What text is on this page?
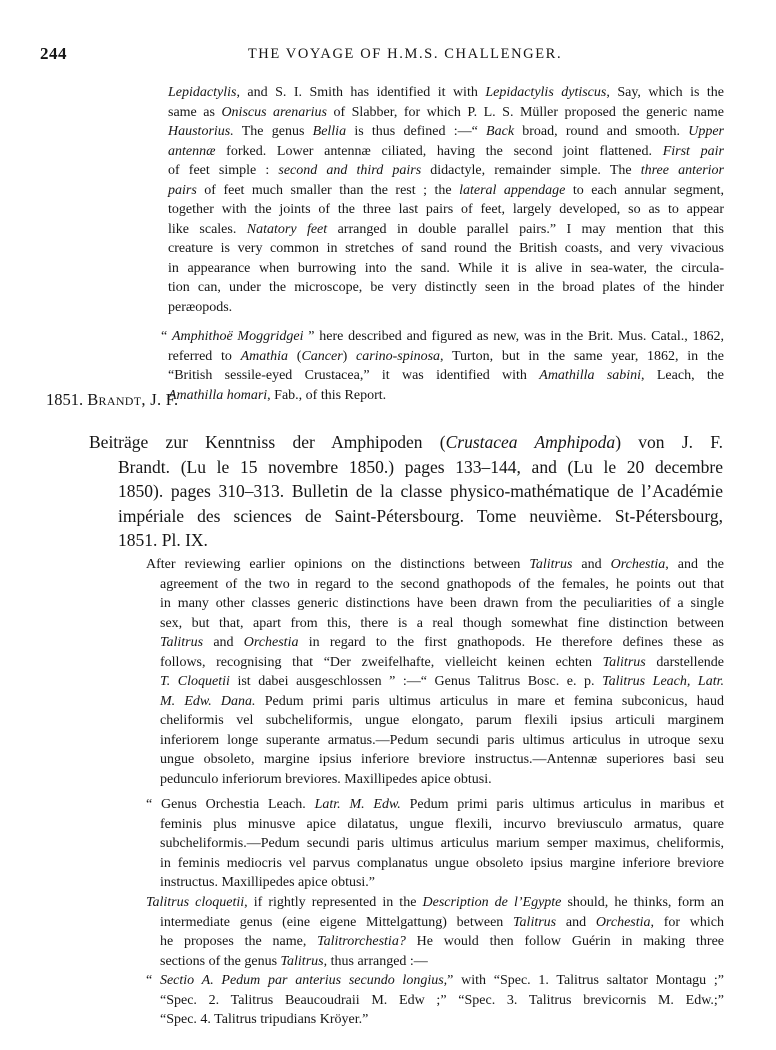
244	THE VOYAGE OF H.M.S. CHALLENGER.
Lepidactylis, and S. I. Smith has identified it with Lepidactylis dytiscus, Say, which is the
same as Oniscus arenarius of Slabber, for which P. L. S. Müller proposed the generic name
Haustorius. The genus Bellia is thus defined :—“ Back broad, round and smooth. Upper
antennæ forked. Lower antennæ ciliated, having the second joint flattened. First pair
of feet simple : second and third pairs didactyle, remainder simple. The three anterior
pairs of feet much smaller than the rest ; the lateral appendage to each annular segment,
together with the joints of the three last pairs of feet, largely developed, so as to appear
like scales. Natatory feet arranged in double parallel pairs.” I may mention that this
creature is very common in stretches of sand round the British coasts, and very vivacious
in appearance when burrowing into the sand. While it is alive in sea-water, the circula-
tion can, under the microscope, be very distinctly seen in the broad plates of the hinder
peræopods.
“ Amphithoë Moggridgei ” here described and figured as new, was in the Brit. Mus. Catal., 1862,
referred to Amathia (Cancer) carino-spinosa, Turton, but in the same year, 1862, in the
“British sessile-eyed Crustacea,” it was identified with Amathilla sabini, Leach, the
Amathilla homari, Fab., of this Report.
1851. Brandt, J. F.
Beiträge zur Kenntniss der Amphipoden (Crustacea Amphipoda) von J. F.
Brandt. (Lu le 15 novembre 1850.) pages 133–144, and (Lu le 20 decembre
1850). pages 310–313. Bulletin de la classe physico-mathématique de l’Académie
impériale des sciences de Saint-Pétersbourg. Tome neuvième. St-Pétersbourg,
1851. Pl. IX.
After reviewing earlier opinions on the distinctions between Talitrus and Orchestia, and the
agreement of the two in regard to the second gnathopods of the females, he points out that
in many other classes generic distinctions have been drawn from the peculiarities of a single
sex, but that, apart from this, there is a real though somewhat fine distinction between
Talitrus and Orchestia in regard to the first gnathopods. He therefore defines these as
follows, recognising that “Der zweifelhafte, vielleicht keinen echten Talitrus darstellende
T. Cloquetii ist dabei ausgeschlossen ” :—“ Genus Talitrus Bosc. e. p. Talitrus Leach, Latr.
M. Edw. Dana. Pedum primi paris ultimus articulus in mare et femina subconicus, haud
cheliformis vel subcheliformis, ungue elongato, parum flexili ipsius articuli marginem
inferiorem longe superante armatus.—Pedum secundi paris ultimus articulus in utroque sexu
ungue obsoleto, margine ipsius inferiore breviore instructus.—Antennæ superiores basi seu
pedunculo inferiorum breviores. Maxillipedes apice obtusi.
“ Genus Orchestia Leach. Latr. M. Edw. Pedum primi paris ultimus articulus in maribus et
feminis plus minusve apice dilatatus, ungue flexili, incurvo breviusculo armatus, quare
subcheliformis.—Pedum secundi paris ultimus articulus marium semper maximus, cheliformis,
in feminis mediocris vel parvus complanatus ungue obsoleto ipsius margine inferiore breviore
instructus. Maxillipedes apice obtusi.”
Talitrus cloquetii, if rightly represented in the Description de l’Egypte should, he thinks, form an
intermediate genus (eine eigene Mittelgattung) between Talitrus and Orchestia, for which
he proposes the name, Talitrorchestia? He would then follow Guérin in making three
sections of the genus Talitrus, thus arranged :—
“ Sectio A. Pedum par anterius secundo longius,” with “Spec. 1. Talitrus saltator Montagu ;”
“Spec. 2. Talitrus Beaucoudraii M. Edw ;” “Spec. 3. Talitrus brevicornis M. Edw.;”
“Spec. 4. Talitrus tripudians Kröyer.”
